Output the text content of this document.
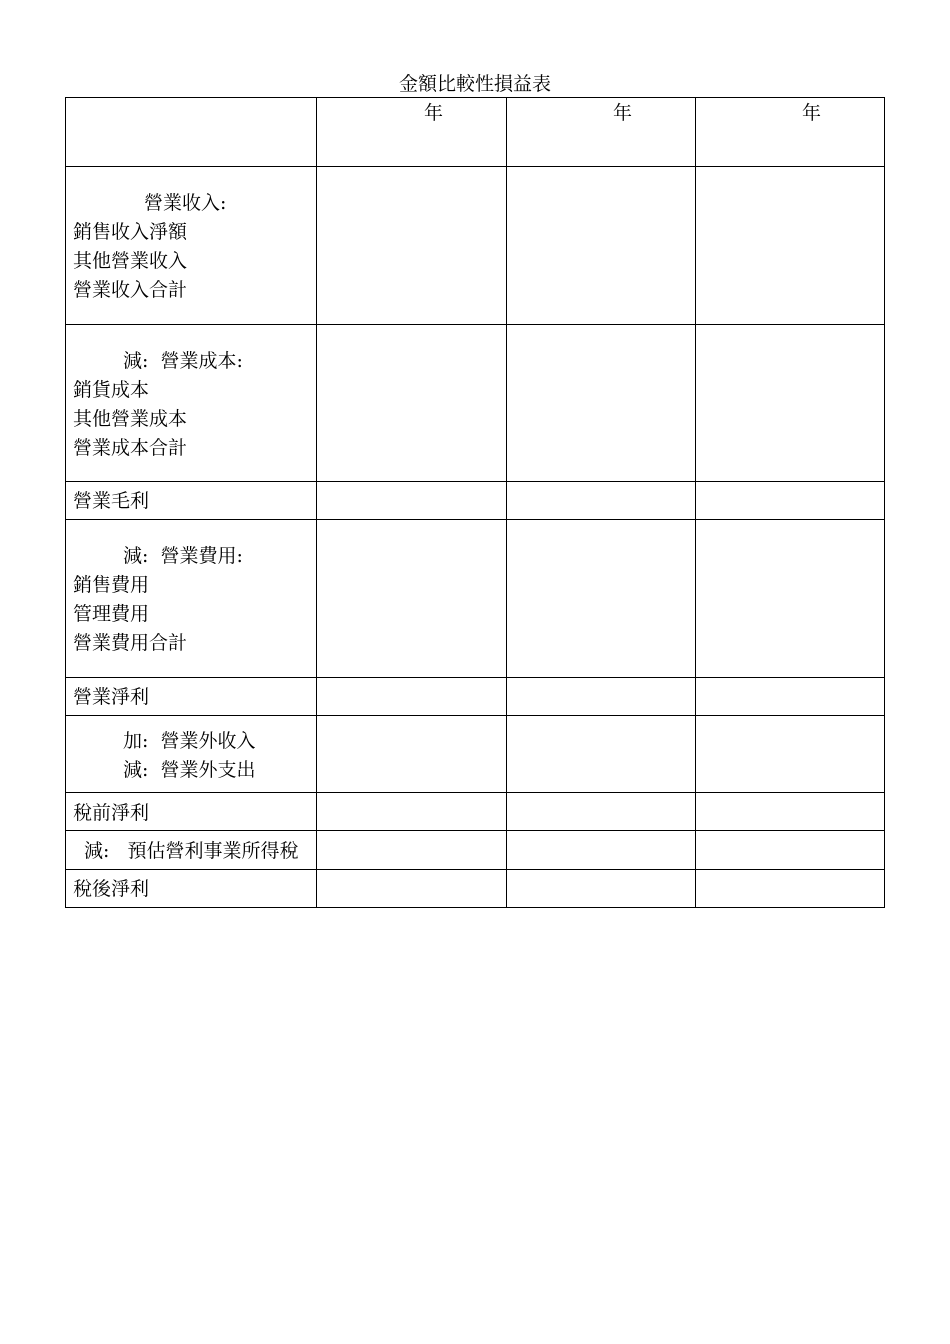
金額比較性損益表
年	年	年
營業收入:
銷售收入淨額
其他營業收入
營業收入合計
減:  營業成本:
銷貨成本
其他營業成本
營業成本合計
營業毛利
減:  營業費用:
銷售費用
管理費用
營業費用合計
營業淨利
加:  營業外收入
減:  營業外支出
稅前淨利
減:   預估營利事業所得稅
稅後淨利
